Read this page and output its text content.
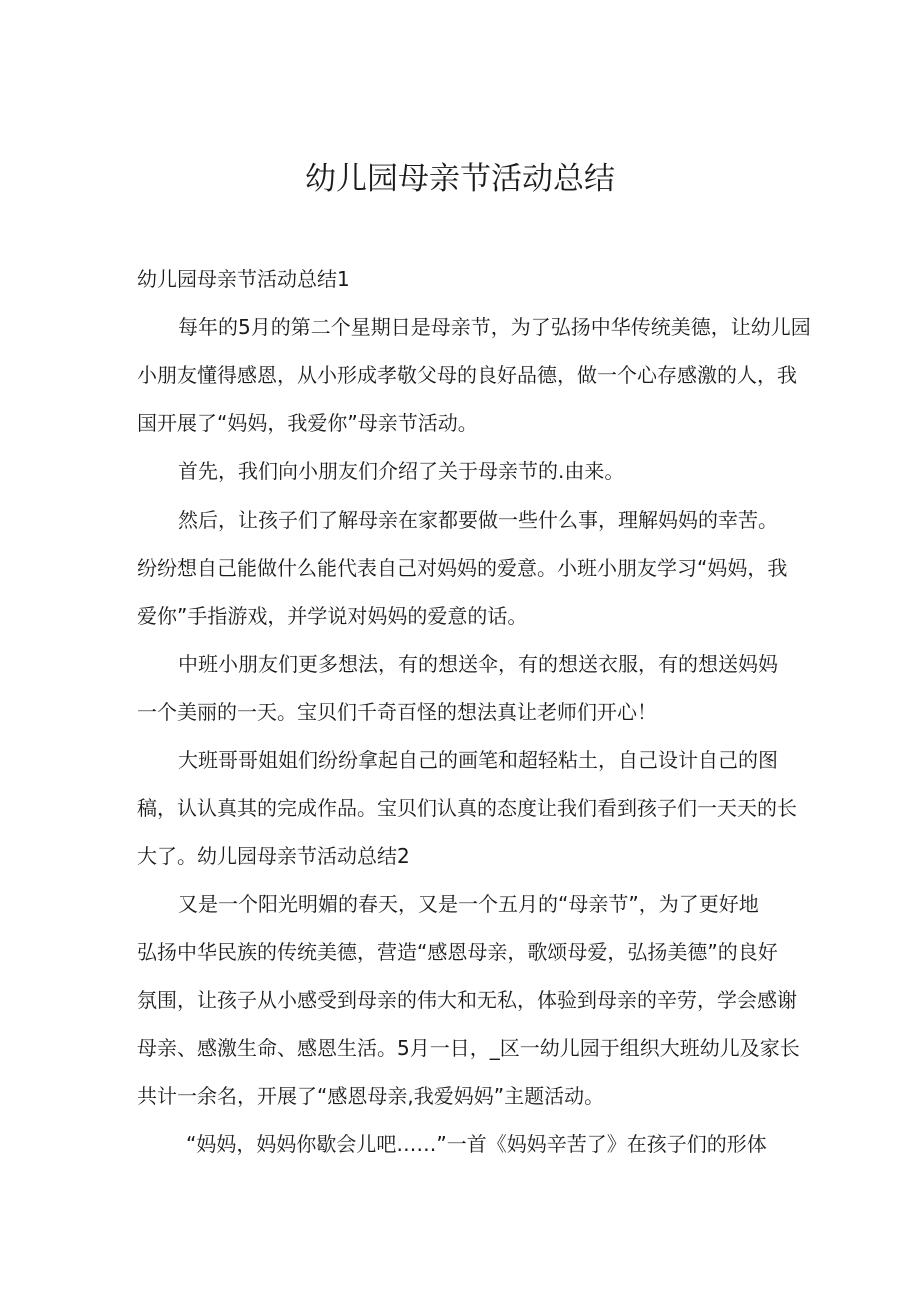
幼儿园母亲节活动总结

幼儿园母亲节活动总结1

每年的5月的第二个星期日是母亲节，为了弘扬中华传统美德，让幼儿园

小朋友懂得感恩，从小形成孝敬父母的良好品德，做一个心存感激的人，我

国开展了“妈妈，我爱你”母亲节活动。

首先，我们向小朋友们介绍了关于母亲节的.由来。

然后，让孩子们了解母亲在家都要做一些什么事，理解妈妈的幸苦。

纷纷想自己能做什么能代表自己对妈妈的爱意。小班小朋友学习“妈妈，我

爱你”手指游戏，并学说对妈妈的爱意的话。

中班小朋友们更多想法，有的想送伞，有的想送衣服，有的想送妈妈

一个美丽的一天。宝贝们千奇百怪的想法真让老师们开心！

大班哥哥姐姐们纷纷拿起自己的画笔和超轻粘土，自己设计自己的图

稿，认认真其的完成作品。宝贝们认真的态度让我们看到孩子们一天天的长

大了。幼儿园母亲节活动总结2

又是一个阳光明媚的春天，又是一个五月的“母亲节”，为了更好地

弘扬中华民族的传统美德，营造“感恩母亲，歌颂母爱，弘扬美德”的良好

氛围，让孩子从小感受到母亲的伟大和无私，体验到母亲的辛劳，学会感谢

母亲、感激生命、感恩生活。5月一日，_区一幼儿园于组织大班幼儿及家长

共计一余名，开展了“感恩母亲,我爱妈妈”主题活动。

“妈妈，妈妈你歇会儿吧……”一首《妈妈辛苦了》在孩子们的形体
